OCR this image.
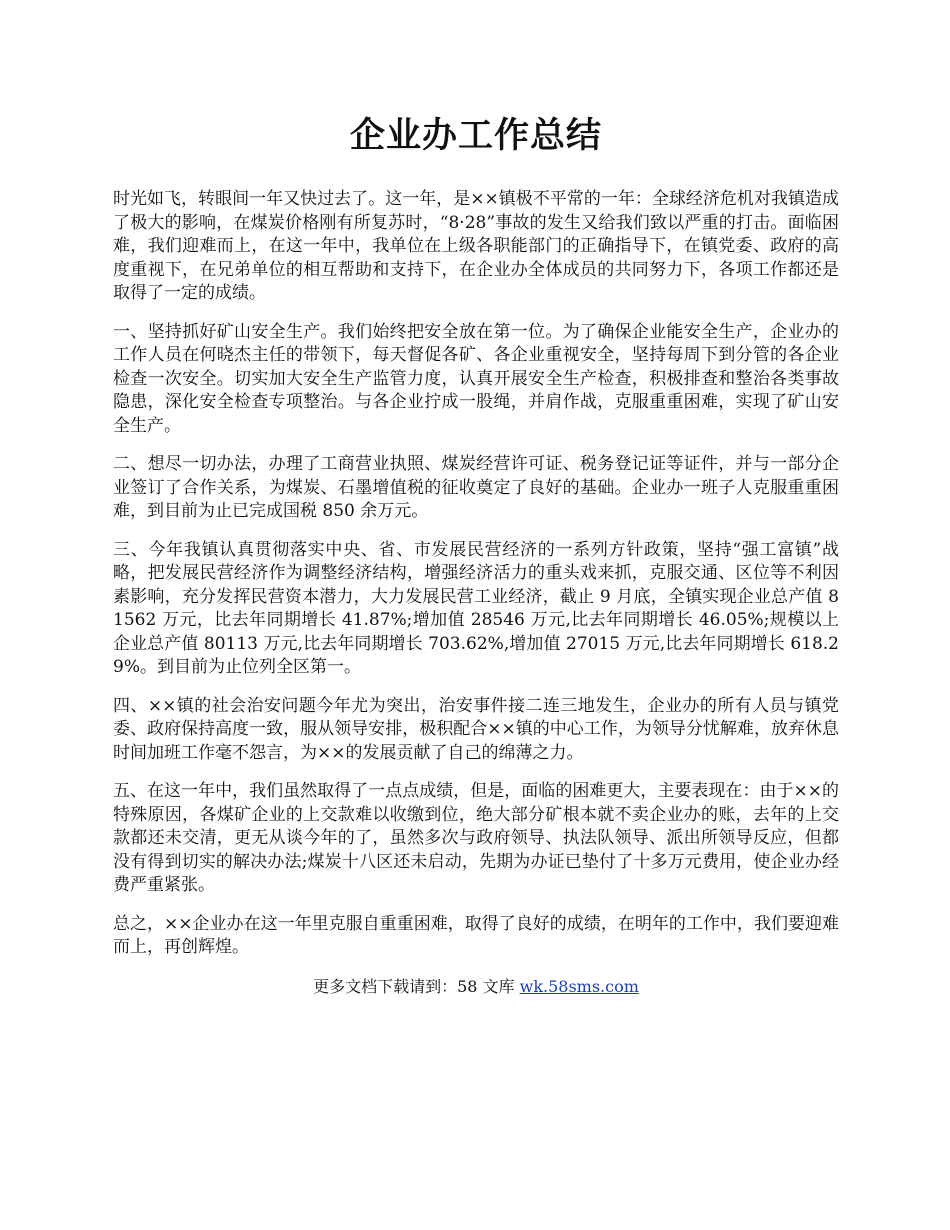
企业办工作总结

时光如飞，转眼间一年又快过去了。这一年，是××镇极不平常的一年：全球经济危机对我镇造成了极大的影响，在煤炭价格刚有所复苏时，“8·28”事故的发生又给我们致以严重的打击。面临困难，我们迎难而上，在这一年中，我单位在上级各职能部门的正确指导下，在镇党委、政府的高度重视下，在兄弟单位的相互帮助和支持下，在企业办全体成员的共同努力下，各项工作都还是取得了一定的成绩。

一、坚持抓好矿山安全生产。我们始终把安全放在第一位。为了确保企业能安全生产，企业办的工作人员在何晓杰主任的带领下，每天督促各矿、各企业重视安全，坚持每周下到分管的各企业检查一次安全。切实加大安全生产监管力度，认真开展安全生产检查，积极排查和整治各类事故隐患，深化安全检查专项整治。与各企业拧成一股绳，并肩作战，克服重重困难，实现了矿山安全生产。

二、想尽一切办法，办理了工商营业执照、煤炭经营许可证、税务登记证等证件，并与一部分企业签订了合作关系，为煤炭、石墨增值税的征收奠定了良好的基础。企业办一班子人克服重重困难，到目前为止已完成国税 850 余万元。

三、今年我镇认真贯彻落实中央、省、市发展民营经济的一系列方针政策，坚持“强工富镇”战略，把发展民营经济作为调整经济结构，增强经济活力的重头戏来抓，克服交通、区位等不利因素影响，充分发挥民营资本潜力，大力发展民营工业经济，截止 9 月底，全镇实现企业总产值 81562 万元，比去年同期增长 41.87%;增加值 28546 万元,比去年同期增长 46.05%;规模以上企业总产值 80113 万元,比去年同期增长 703.62%,增加值 27015 万元,比去年同期增长 618.29%。到目前为止位列全区第一。

四、××镇的社会治安问题今年尤为突出，治安事件接二连三地发生，企业办的所有人员与镇党委、政府保持高度一致，服从领导安排，极积配合××镇的中心工作，为领导分忧解难，放弃休息时间加班工作毫不怨言，为××的发展贡献了自己的绵薄之力。

五、在这一年中，我们虽然取得了一点点成绩，但是，面临的困难更大，主要表现在：由于××的特殊原因，各煤矿企业的上交款难以收缴到位，绝大部分矿根本就不卖企业办的账，去年的上交款都还未交清，更无从谈今年的了，虽然多次与政府领导、执法队领导、派出所领导反应，但都没有得到切实的解决办法;煤炭十八区还未启动，先期为办证已垫付了十多万元费用，使企业办经费严重紧张。

总之，××企业办在这一年里克服自重重困难，取得了良好的成绩，在明年的工作中，我们要迎难而上，再创辉煌。

更多文档下载请到：58 文库 wk.58sms.com
